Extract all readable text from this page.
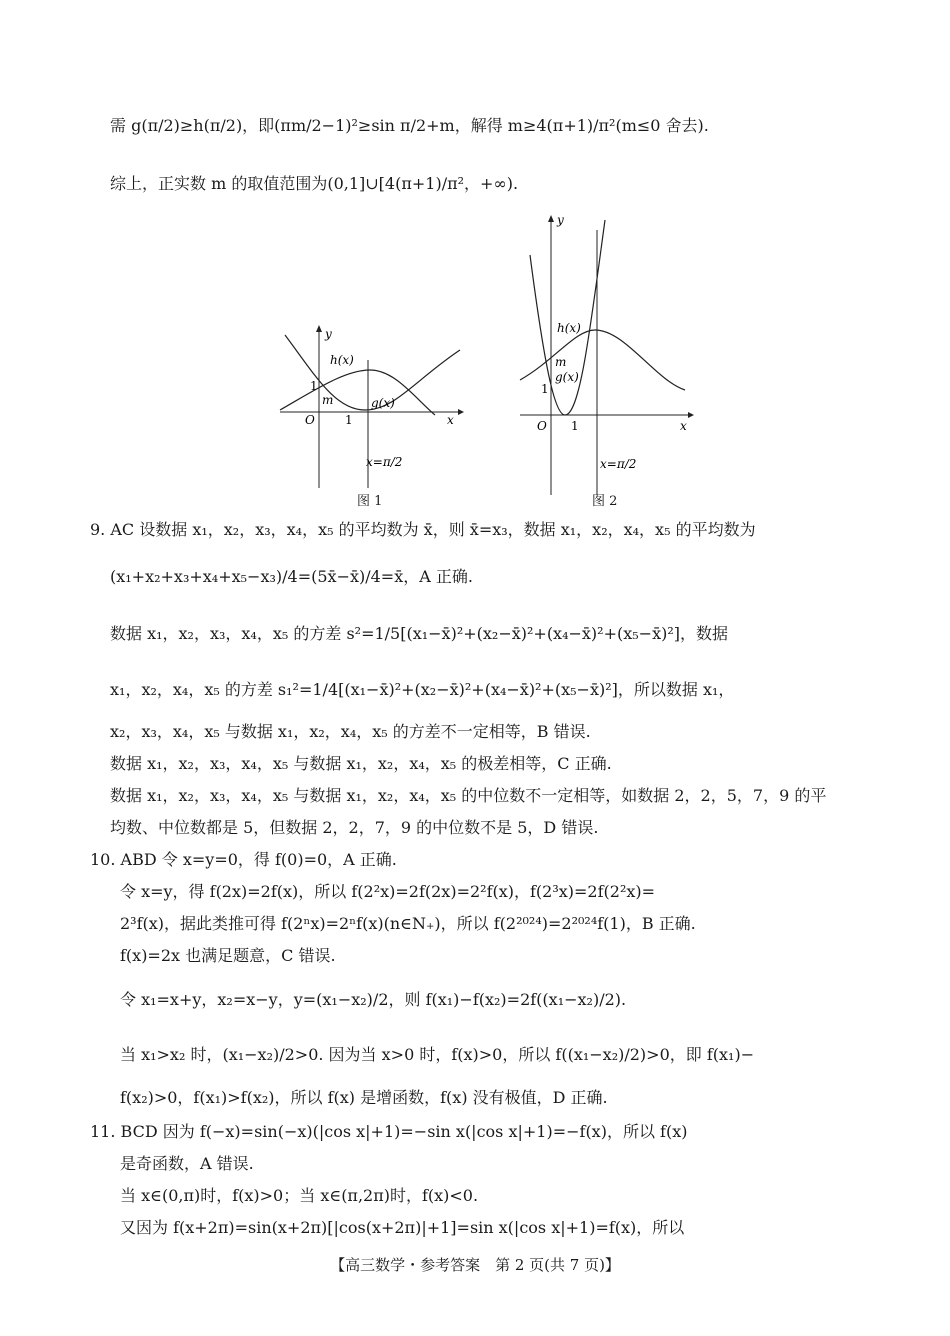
需 g(π/2)≥h(π/2)，即(πm/2−1)²≥sin π/2+m，解得 m≥4(π+1)/π²(m≤0 舍去).
综上，正实数 m 的取值范围为(0,1]∪[4(π+1)/π²，+∞).
y
x
O	1
1
h(x)
g(x)
m
x=π/2
图 1
y
x
O 1
1
h(x)
m
g(x)
x=π/2
图 2
9. AC 设数据 x₁，x₂，x₃，x₄，x₅ 的平均数为 x̄，则 x̄=x₃，数据 x₁，x₂，x₄，x₅ 的平均数为
(x₁+x₂+x₃+x₄+x₅−x₃)/4=(5x̄−x̄)/4=x̄，A 正确.
数据 x₁，x₂，x₃，x₄，x₅ 的方差 s²=1/5[(x₁−x̄)²+(x₂−x̄)²+(x₄−x̄)²+(x₅−x̄)²]，数据
x₁，x₂，x₄，x₅ 的方差 s₁²=1/4[(x₁−x̄)²+(x₂−x̄)²+(x₄−x̄)²+(x₅−x̄)²]，所以数据 x₁，
x₂，x₃，x₄，x₅ 与数据 x₁，x₂，x₄，x₅ 的方差不一定相等，B 错误.
数据 x₁，x₂，x₃，x₄，x₅ 与数据 x₁，x₂，x₄，x₅ 的极差相等，C 正确.
数据 x₁，x₂，x₃，x₄，x₅ 与数据 x₁，x₂，x₄，x₅ 的中位数不一定相等，如数据 2，2，5，7，9 的平
均数、中位数都是 5，但数据 2，2，7，9 的中位数不是 5，D 错误.
10. ABD 令 x=y=0，得 f(0)=0，A 正确.
令 x=y，得 f(2x)=2f(x)，所以 f(2²x)=2f(2x)=2²f(x)，f(2³x)=2f(2²x)=
2³f(x)，据此类推可得 f(2ⁿx)=2ⁿf(x)(n∈N₊)，所以 f(2²⁰²⁴)=2²⁰²⁴f(1)，B 正确.
f(x)=2x 也满足题意，C 错误.
令 x₁=x+y，x₂=x−y，y=(x₁−x₂)/2，则 f(x₁)−f(x₂)=2f((x₁−x₂)/2).
当 x₁>x₂ 时，(x₁−x₂)/2>0. 因为当 x>0 时，f(x)>0，所以 f((x₁−x₂)/2)>0，即 f(x₁)−
f(x₂)>0，f(x₁)>f(x₂)，所以 f(x) 是增函数，f(x) 没有极值，D 正确.
11. BCD 因为 f(−x)=sin(−x)(|cos x|+1)=−sin x(|cos x|+1)=−f(x)，所以 f(x)
是奇函数，A 错误.
当 x∈(0,π)时，f(x)>0；当 x∈(π,2π)时，f(x)<0.
又因为 f(x+2π)=sin(x+2π)[|cos(x+2π)|+1]=sin x(|cos x|+1)=f(x)，所以
【高三数学・参考答案　第 2 页(共 7 页)】
